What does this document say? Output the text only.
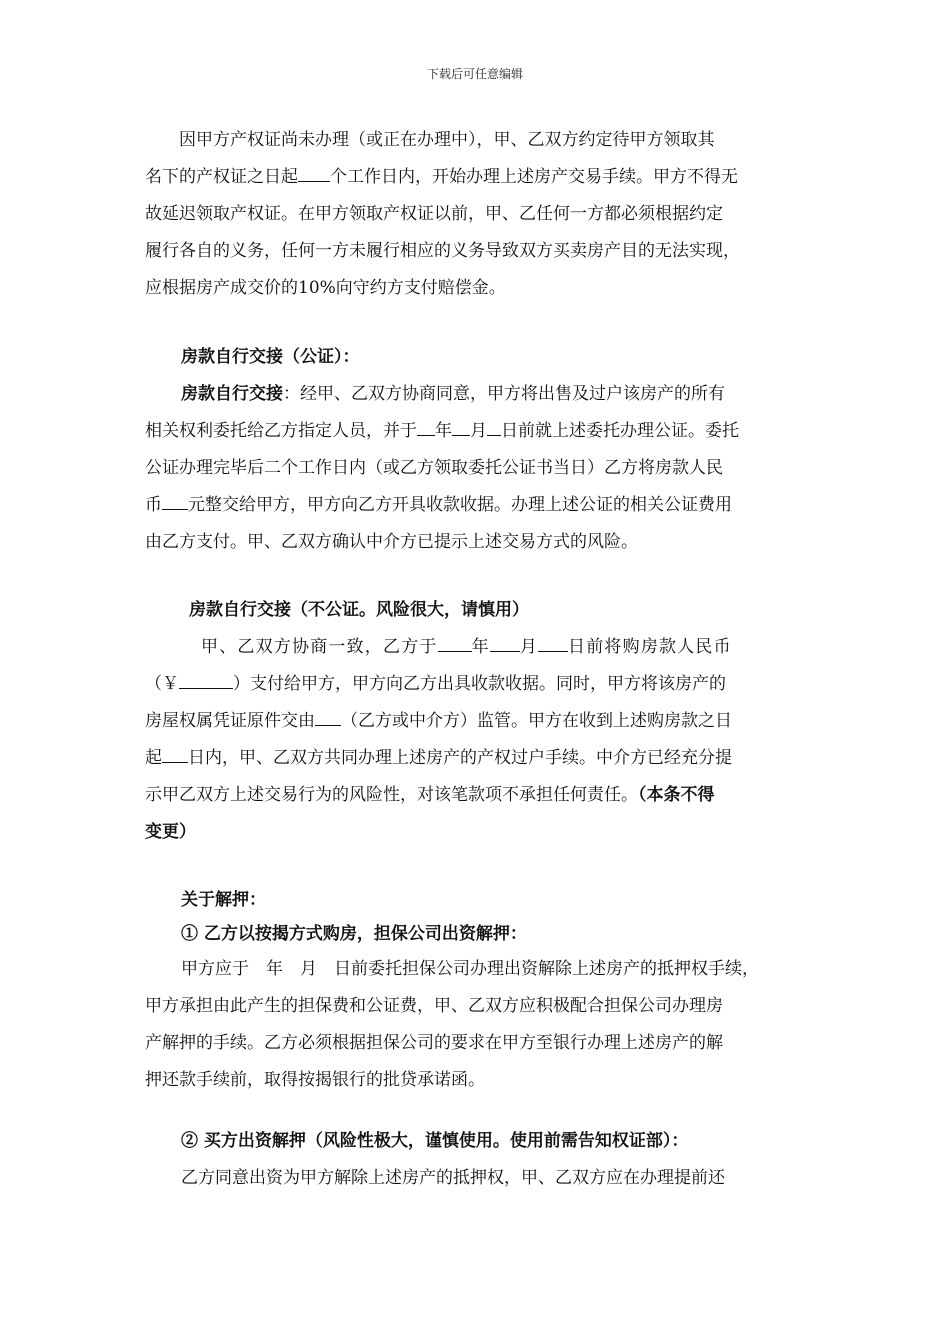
下载后可任意编辑
因甲方产权证尚未办理（或正在办理中），甲、乙双方约定待甲方领取其
名下的产权证之日起 个工作日内，开始办理上述房产交易手续。甲方不得无
故延迟领取产权证。在甲方领取产权证以前，甲、乙任何一方都必须根据约定
履行各自的义务，任何一方未履行相应的义务导致双方买卖房产目的无法实现，
应根据房产成交价的10%向守约方支付赔偿金。
房款自行交接（公证）：
房款自行交接：经甲、乙双方协商同意，甲方将出售及过户该房产的所有
相关权利委托给乙方指定人员，并于 年 月 日前就上述委托办理公证。委托
公证办理完毕后二个工作日内（或乙方领取委托公证书当日）乙方将房款人民
币 元整交给甲方，甲方向乙方开具收款收据。办理上述公证的相关公证费用
由乙方支付。甲、乙双方确认中介方已提示上述交易方式的风险。
房款自行交接（不公证。风险很大，请慎用）
甲、乙双方协商一致，乙方于 年 月 日前将购房款人民币
（￥	）支付给甲方，甲方向乙方出具收款收据。同时，甲方将该房产的
房屋权属凭证原件交由 （乙方或中介方）监管。甲方在收到上述购房款之日
起 日内，甲、乙双方共同办理上述房产的产权过户手续。中介方已经充分提
示甲乙双方上述交易行为的风险性，对该笔款项不承担任何责任。（本条不得
变更）
关于解押：
① 乙方以按揭方式购房，担保公司出资解押：
甲方应于　年　月　日前委托担保公司办理出资解除上述房产的抵押权手续，
甲方承担由此产生的担保费和公证费，甲、乙双方应积极配合担保公司办理房
产解押的手续。乙方必须根据担保公司的要求在甲方至银行办理上述房产的解
押还款手续前，取得按揭银行的批贷承诺函。
② 买方出资解押（风险性极大，谨慎使用。使用前需告知权证部）：
乙方同意出资为甲方解除上述房产的抵押权，甲、乙双方应在办理提前还
